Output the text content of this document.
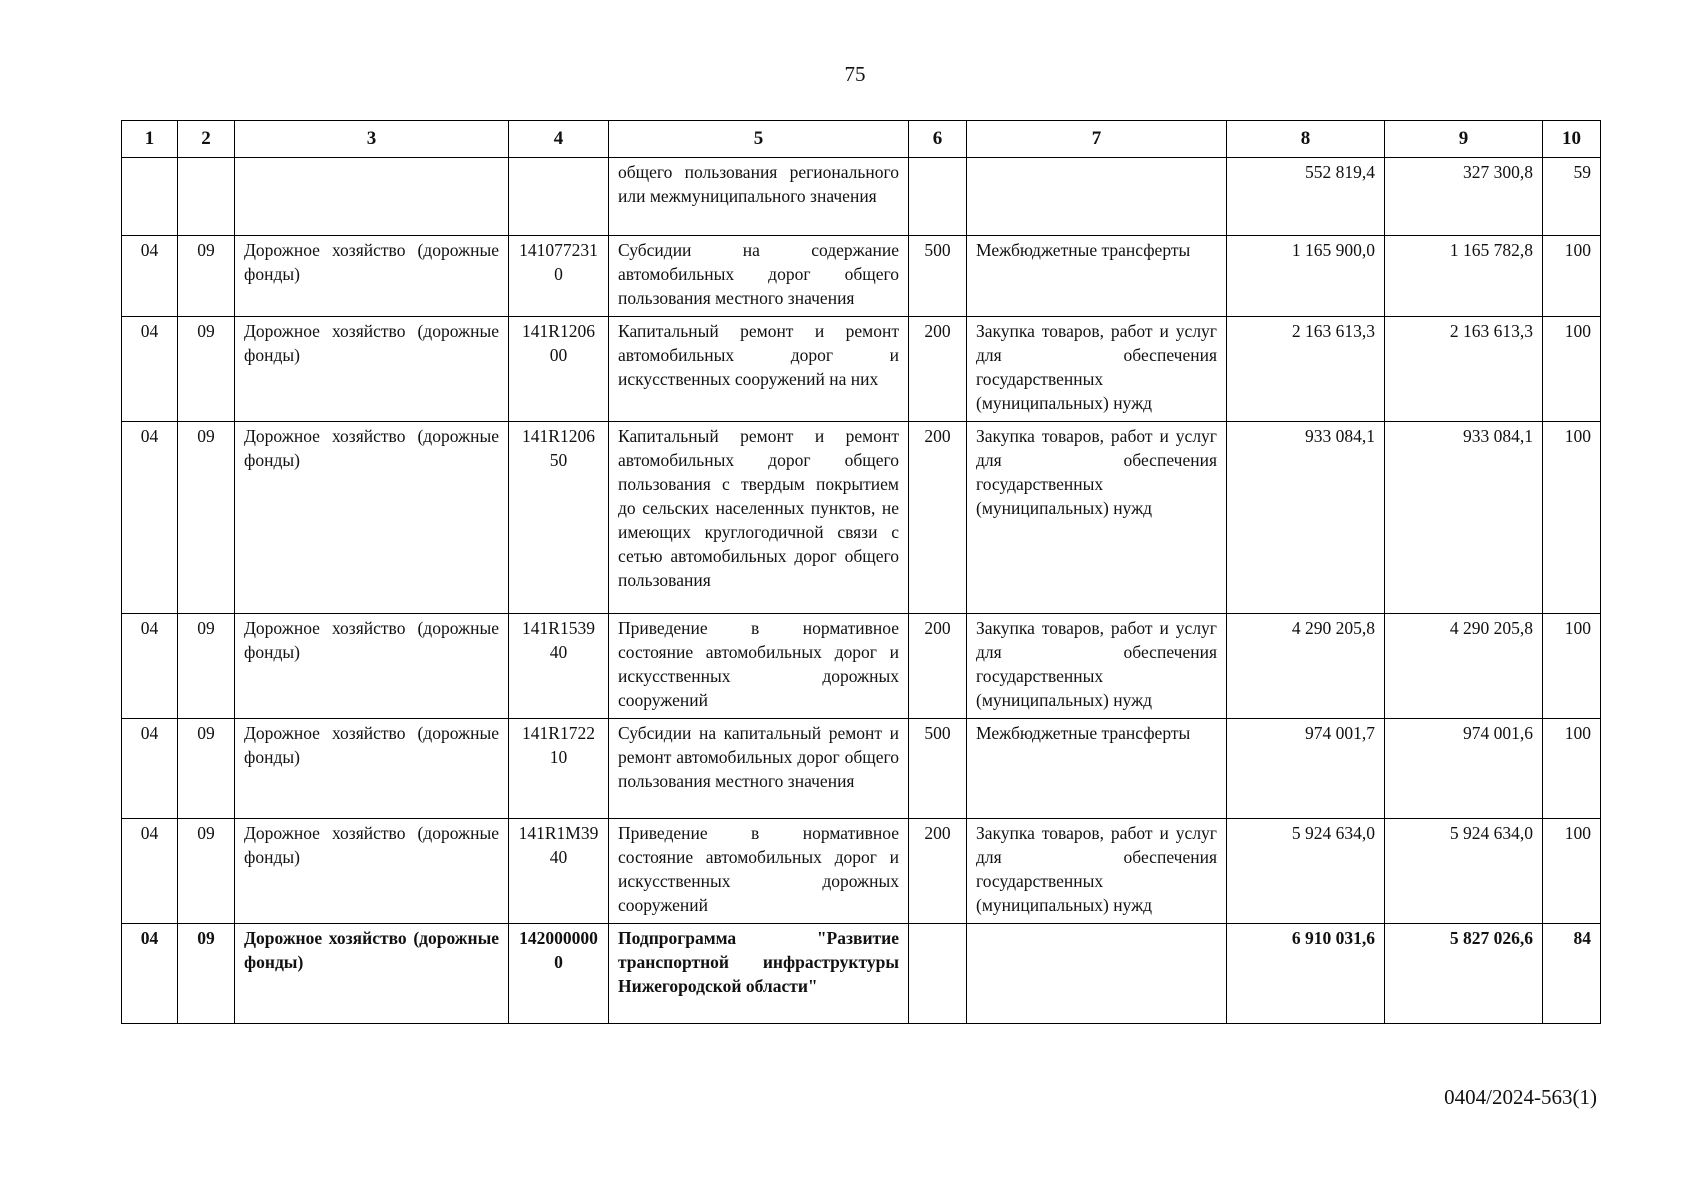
75
1	2	3	4	5	6	7	8	9	10
				общего пользования регионального или межмуниципального значения			552 819,4	327 300,8	59
04	09	Дорожное хозяйство (дорожные фонды)	1410772310	Субсидии на содержание автомобильных дорог общего пользования местного значения	500	Межбюджетные трансферты	1 165 900,0	1 165 782,8	100
04	09	Дорожное хозяйство (дорожные фонды)	141R120600	Капитальный ремонт и ремонт автомобильных дорог и искусственных сооружений на них	200	Закупка товаров, работ и услуг для обеспечения государственных (муниципальных) нужд	2 163 613,3	2 163 613,3	100
04	09	Дорожное хозяйство (дорожные фонды)	141R120650	Капитальный ремонт и ремонт автомобильных дорог общего пользования с твердым покрытием до сельских населенных пунктов, не имеющих круглогодичной связи с сетью автомобильных дорог общего пользования	200	Закупка товаров, работ и услуг для обеспечения государственных (муниципальных) нужд	933 084,1	933 084,1	100
04	09	Дорожное хозяйство (дорожные фонды)	141R153940	Приведение в нормативное состояние автомобильных дорог и искусственных дорожных сооружений	200	Закупка товаров, работ и услуг для обеспечения государственных (муниципальных) нужд	4 290 205,8	4 290 205,8	100
04	09	Дорожное хозяйство (дорожные фонды)	141R172210	Субсидии на капитальный ремонт и ремонт автомобильных дорог общего пользования местного значения	500	Межбюджетные трансферты	974 001,7	974 001,6	100
04	09	Дорожное хозяйство (дорожные фонды)	141R1M3940	Приведение в нормативное состояние автомобильных дорог и искусственных дорожных сооружений	200	Закупка товаров, работ и услуг для обеспечения государственных (муниципальных) нужд	5 924 634,0	5 924 634,0	100
04	09	Дорожное хозяйство (дорожные фонды)	1420000000	Подпрограмма "Развитие транспортной инфраструктуры Нижегородской области"			6 910 031,6	5 827 026,6	84
0404/2024-563(1)
